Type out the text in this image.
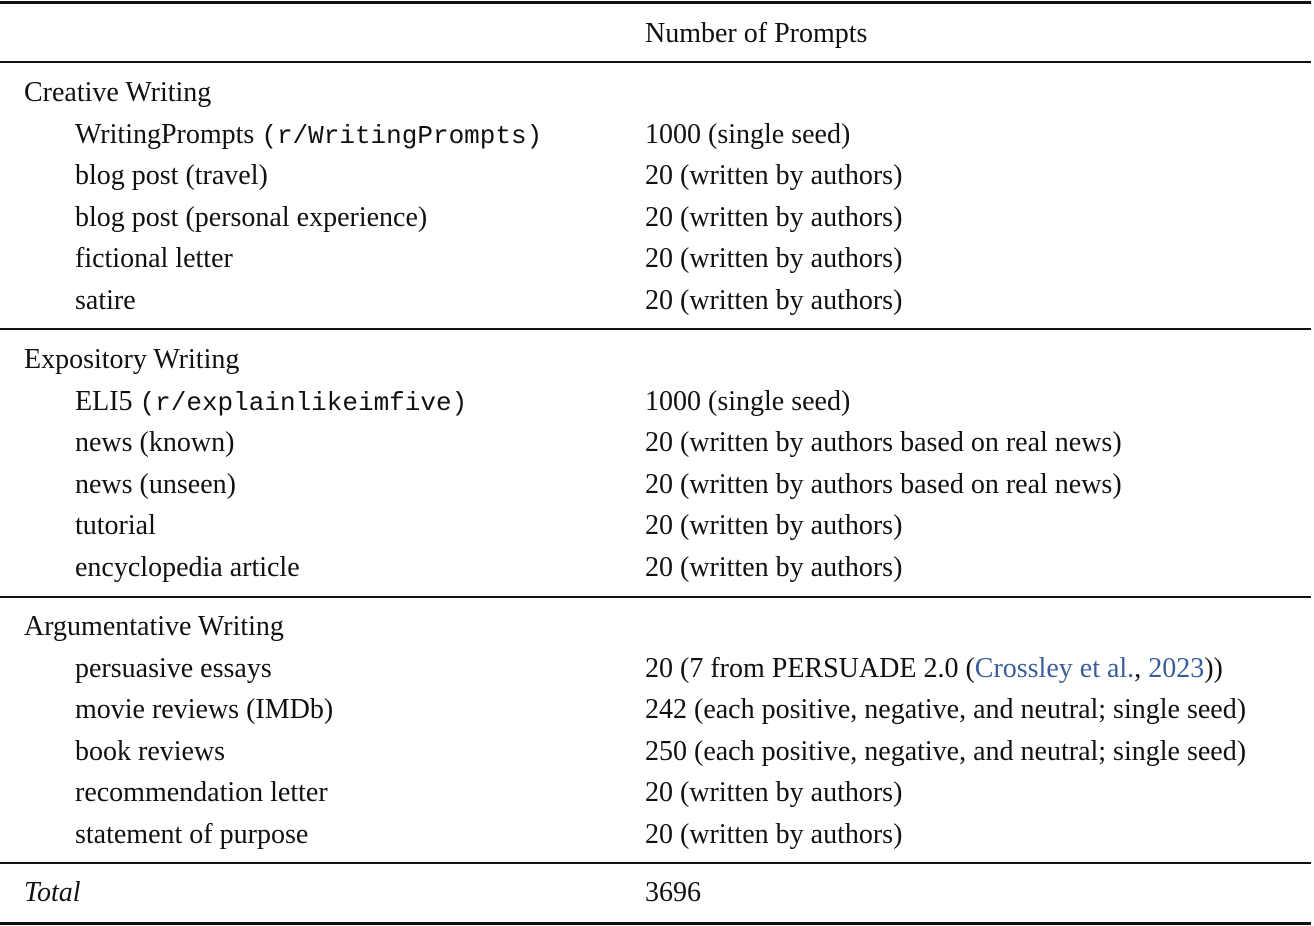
Number of Prompts
Creative Writing
WritingPrompts (r/WritingPrompts)	1000 (single seed)
blog post (travel)	20 (written by authors)
blog post (personal experience)	20 (written by authors)
fictional letter	20 (written by authors)
satire	20 (written by authors)
Expository Writing
ELI5 (r/explainlikeimfive)	1000 (single seed)
news (known)	20 (written by authors based on real news)
news (unseen)	20 (written by authors based on real news)
tutorial	20 (written by authors)
encyclopedia article	20 (written by authors)
Argumentative Writing
persuasive essays	20 (7 from PERSUADE 2.0 (Crossley et al., 2023))
movie reviews (IMDb)	242 (each positive, negative, and neutral; single seed)
book reviews	250 (each positive, negative, and neutral; single seed)
recommendation letter	20 (written by authors)
statement of purpose	20 (written by authors)
Total	3696
